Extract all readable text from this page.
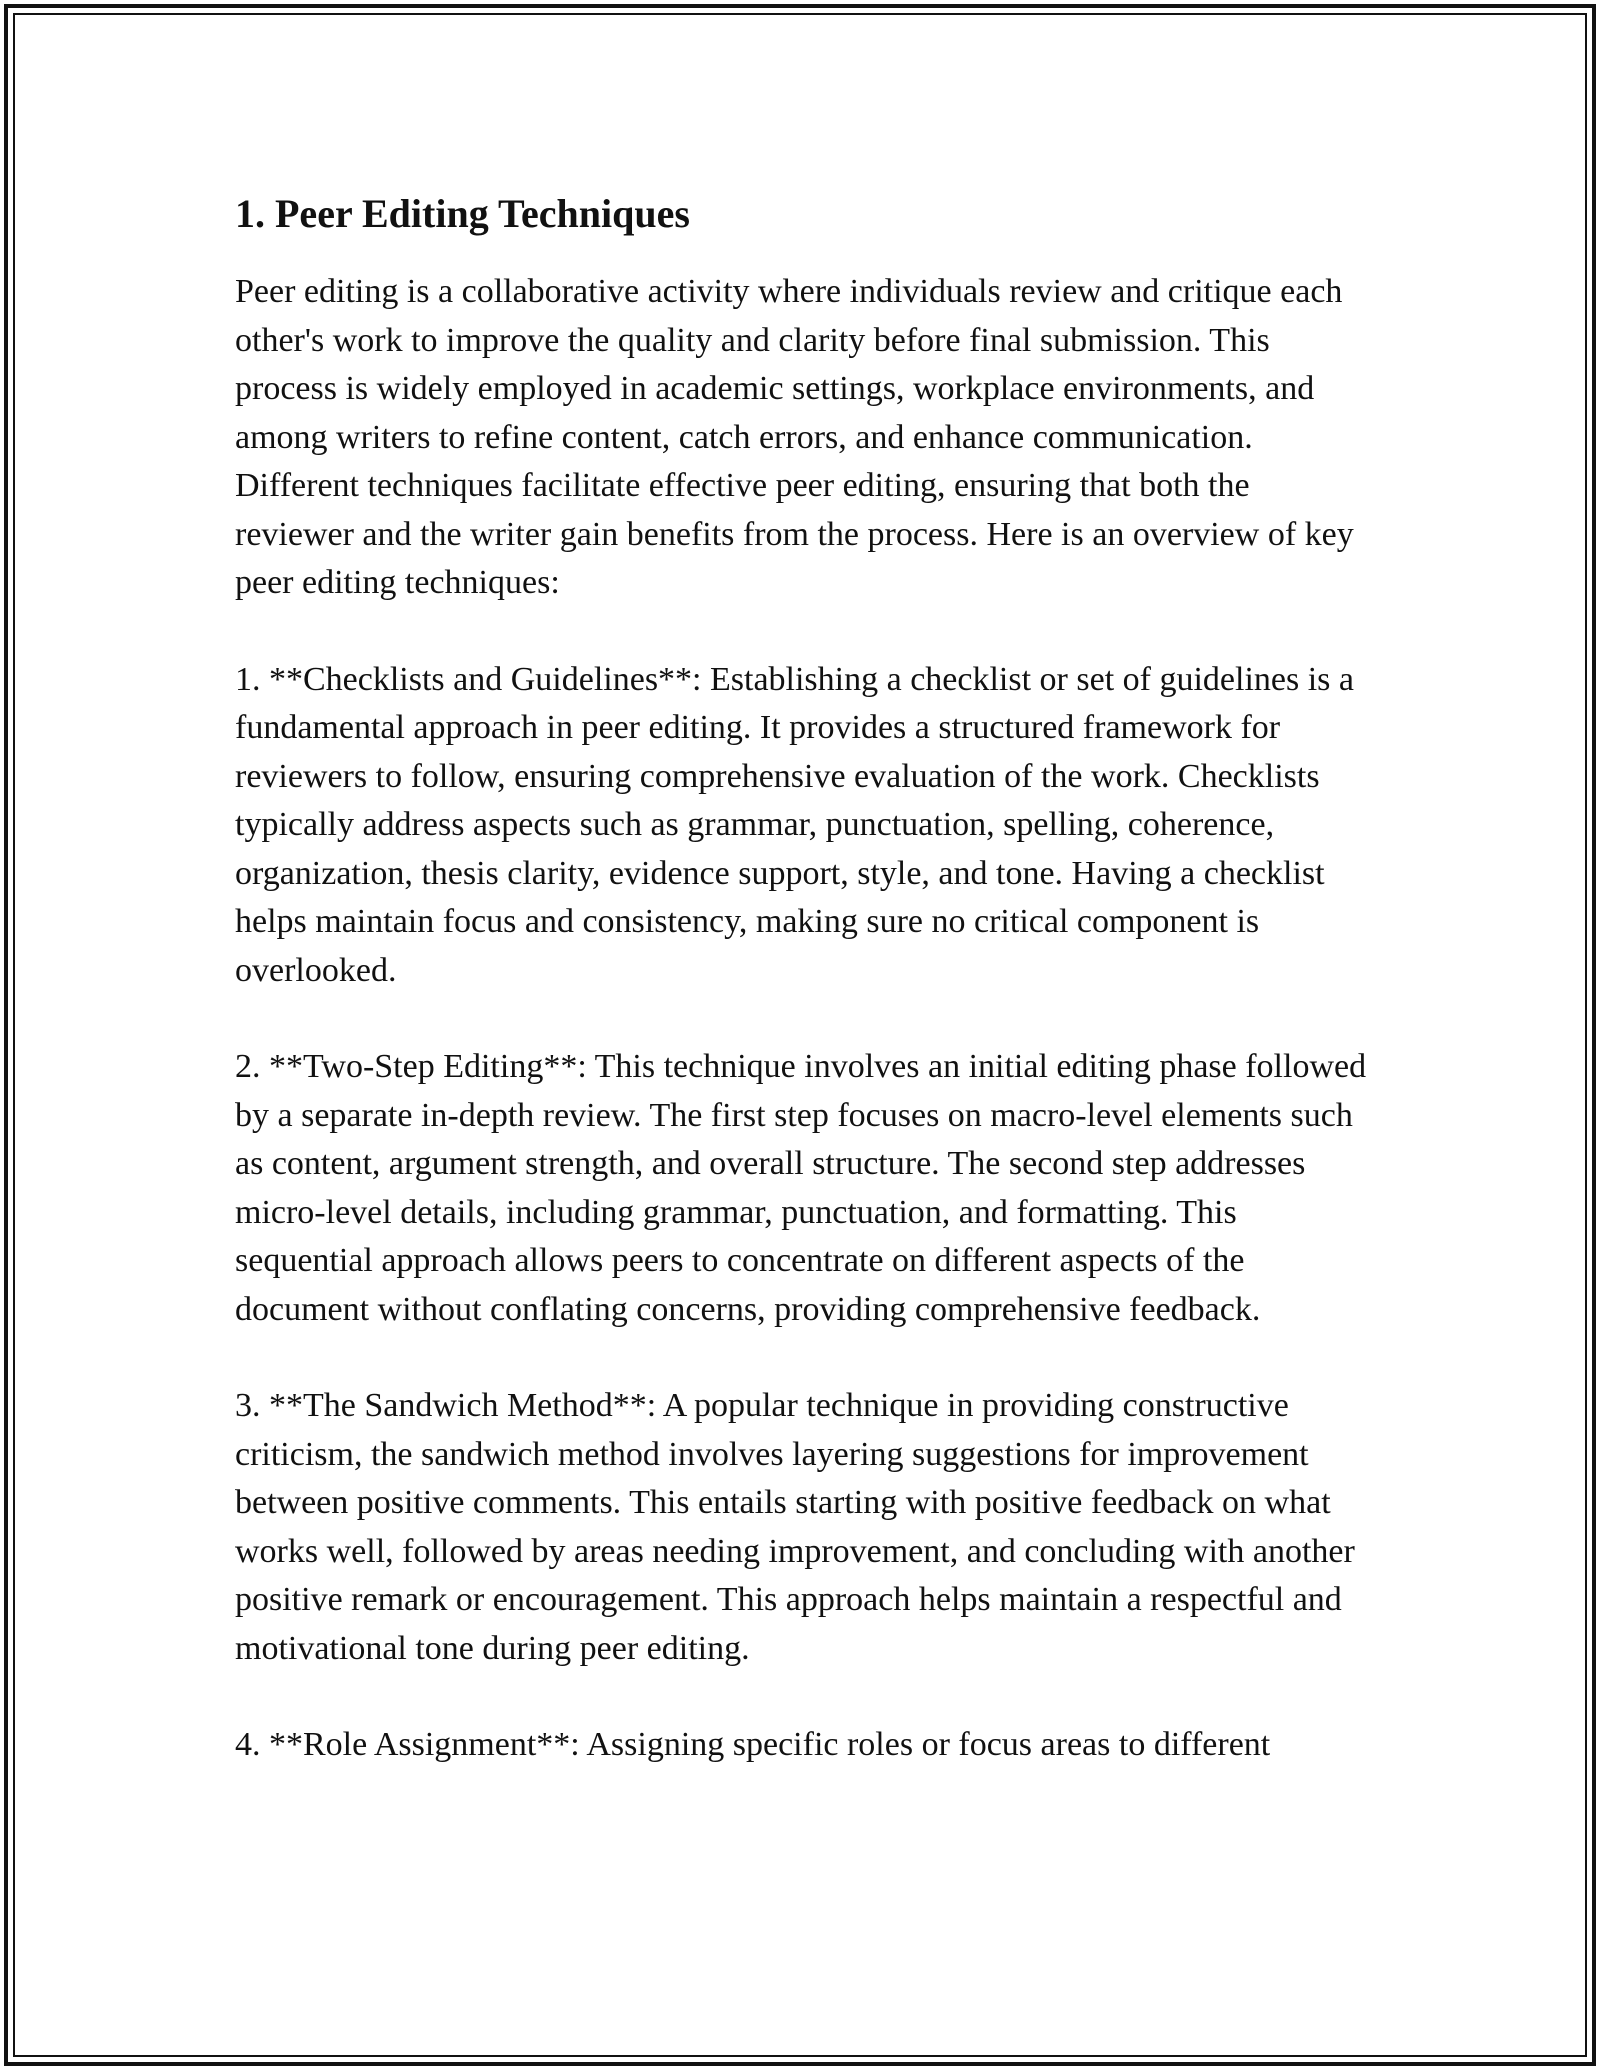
1. Peer Editing Techniques

Peer editing is a collaborative activity where individuals review and critique each other's work to improve the quality and clarity before final submission. This process is widely employed in academic settings, workplace environments, and among writers to refine content, catch errors, and enhance communication. Different techniques facilitate effective peer editing, ensuring that both the reviewer and the writer gain benefits from the process. Here is an overview of key peer editing techniques:

1. **Checklists and Guidelines**: Establishing a checklist or set of guidelines is a fundamental approach in peer editing. It provides a structured framework for reviewers to follow, ensuring comprehensive evaluation of the work. Checklists typically address aspects such as grammar, punctuation, spelling, coherence, organization, thesis clarity, evidence support, style, and tone. Having a checklist helps maintain focus and consistency, making sure no critical component is overlooked.

2. **Two-Step Editing**: This technique involves an initial editing phase followed by a separate in-depth review. The first step focuses on macro-level elements such as content, argument strength, and overall structure. The second step addresses micro-level details, including grammar, punctuation, and formatting. This sequential approach allows peers to concentrate on different aspects of the document without conflating concerns, providing comprehensive feedback.

3. **The Sandwich Method**: A popular technique in providing constructive criticism, the sandwich method involves layering suggestions for improvement between positive comments. This entails starting with positive feedback on what works well, followed by areas needing improvement, and concluding with another positive remark or encouragement. This approach helps maintain a respectful and motivational tone during peer editing.

4. **Role Assignment**: Assigning specific roles or focus areas to different
